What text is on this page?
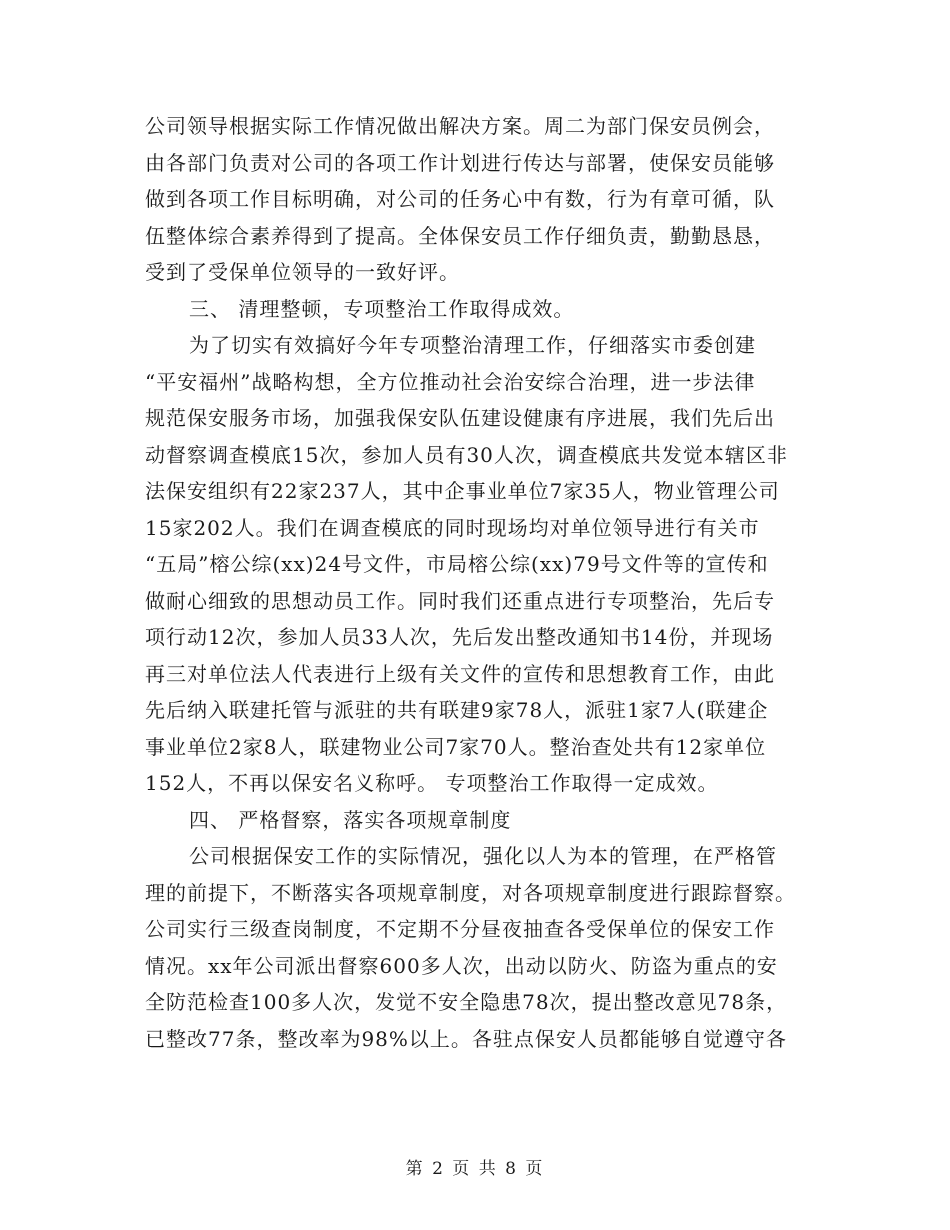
公司领导根据实际工作情况做出解决方案。周二为部门保安员例会，
由各部门负责对公司的各项工作计划进行传达与部署，使保安员能够
做到各项工作目标明确，对公司的任务心中有数，行为有章可循，队
伍整体综合素养得到了提高。全体保安员工作仔细负责，勤勤恳恳，
受到了受保单位领导的一致好评。
三、 清理整顿，专项整治工作取得成效。
为了切实有效搞好今年专项整治清理工作，仔细落实市委创建
“平安福州”战略构想，全方位推动社会治安综合治理，进一步法律
规范保安服务市场，加强我保安队伍建设健康有序进展，我们先后出
动督察调查模底15次，参加人员有30人次，调查模底共发觉本辖区非
法保安组织有22家237人，其中企事业单位7家35人，物业管理公司
15家202人。我们在调查模底的同时现场均对单位领导进行有关市
“五局”榕公综(xx)24号文件，市局榕公综(xx)79号文件等的宣传和
做耐心细致的思想动员工作。同时我们还重点进行专项整治，先后专
项行动12次，参加人员33人次，先后发出整改通知书14份，并现场
再三对单位法人代表进行上级有关文件的宣传和思想教育工作，由此
先后纳入联建托管与派驻的共有联建9家78人，派驻1家7人(联建企
事业单位2家8人，联建物业公司7家70人。整治查处共有12家单位
152人，不再以保安名义称呼。 专项整治工作取得一定成效。
四、 严格督察，落实各项规章制度
公司根据保安工作的实际情况，强化以人为本的管理，在严格管
理的前提下，不断落实各项规章制度，对各项规章制度进行跟踪督察。
公司实行三级查岗制度，不定期不分昼夜抽查各受保单位的保安工作
情况。xx年公司派出督察600多人次，出动以防火、防盗为重点的安
全防范检查100多人次，发觉不安全隐患78次，提出整改意见78条，
已整改77条，整改率为98%以上。各驻点保安人员都能够自觉遵守各
第 2 页 共 8 页
